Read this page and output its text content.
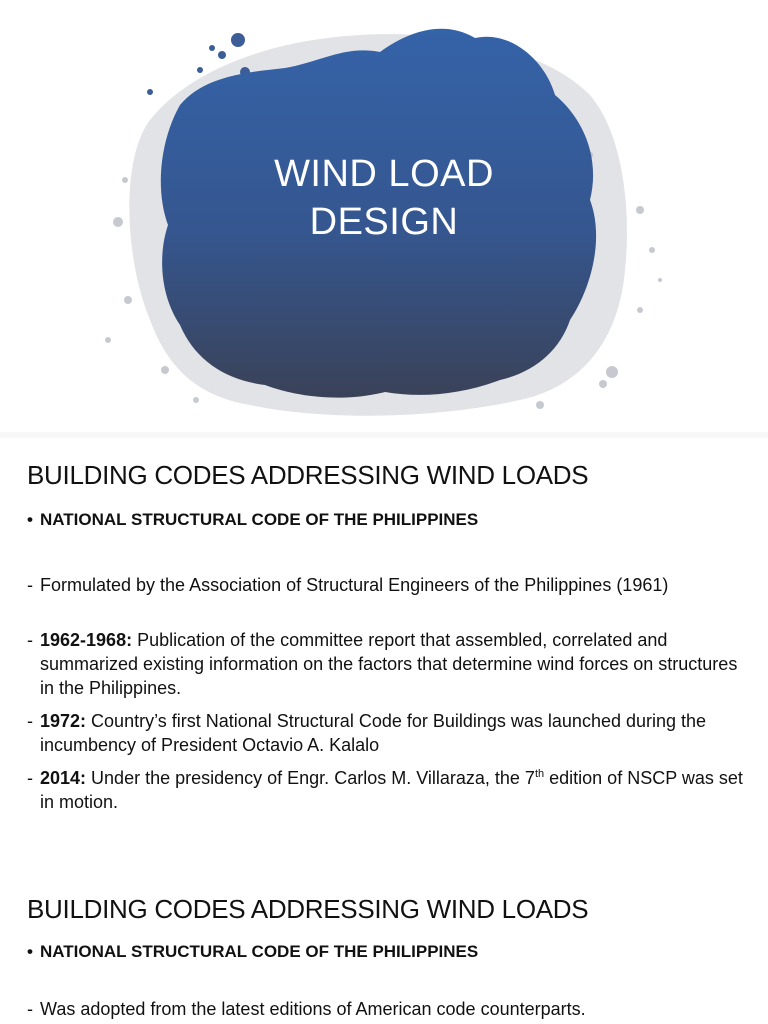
WIND LOAD
DESIGN
BUILDING CODES ADDRESSING WIND LOADS
• NATIONAL STRUCTURAL CODE OF THE PHILIPPINES
- Formulated by the Association of Structural Engineers of the Philippines (1961)
- 1962-1968: Publication of the committee report that assembled, correlated and summarized existing information on the factors that determine wind forces on structures in the Philippines.
- 1972: Country’s first National Structural Code for Buildings was launched during the incumbency of President Octavio A. Kalalo
- 2014: Under the presidency of Engr. Carlos M. Villaraza, the 7th edition of NSCP was set in motion.
BUILDING CODES ADDRESSING WIND LOADS
• NATIONAL STRUCTURAL CODE OF THE PHILIPPINES
- Was adopted from the latest editions of American code counterparts.
